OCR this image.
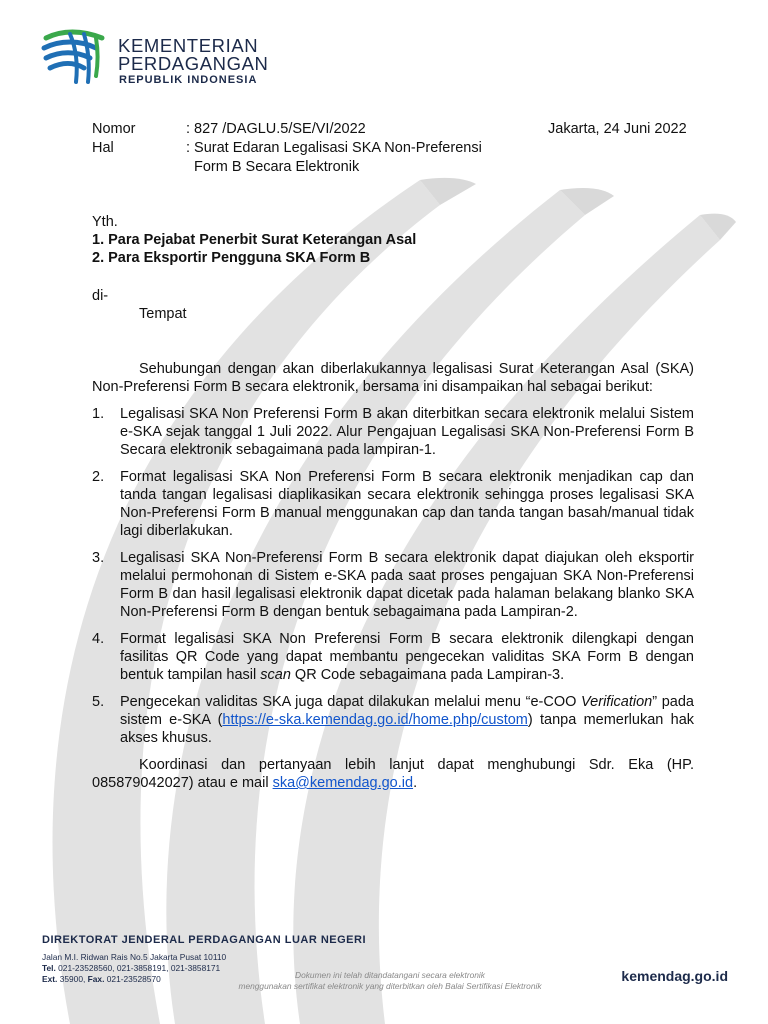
KEMENTERIAN
PERDAGANGAN
REPUBLIK INDONESIA
Nomor	: 827 /DAGLU.5/SE/VI/2022	Jakarta, 24 Juni 2022
Hal	: Surat Edaran Legalisasi SKA Non-Preferensi
Form B Secara Elektronik
Yth.
1. Para Pejabat Penerbit Surat Keterangan Asal
2. Para Eksportir Pengguna SKA Form B
di-
Tempat
Sehubungan dengan akan diberlakukannya legalisasi Surat Keterangan Asal (SKA) Non-Preferensi Form B secara elektronik, bersama ini disampaikan hal sebagai berikut:
1. Legalisasi SKA Non Preferensi Form B akan diterbitkan secara elektronik melalui Sistem e-SKA sejak tanggal 1 Juli 2022. Alur Pengajuan Legalisasi SKA Non-Preferensi Form B Secara elektronik sebagaimana pada lampiran-1.
2. Format legalisasi SKA Non Preferensi Form B secara elektronik menjadikan cap dan tanda tangan legalisasi diaplikasikan secara elektronik sehingga proses legalisasi SKA Non-Preferensi Form B manual menggunakan cap dan tanda tangan basah/manual tidak lagi diberlakukan.
3. Legalisasi SKA Non-Preferensi Form B secara elektronik dapat diajukan oleh eksportir melalui permohonan di Sistem e-SKA pada saat proses pengajuan SKA Non-Preferensi Form B dan hasil legalisasi elektronik dapat dicetak pada halaman belakang blanko SKA Non-Preferensi Form B dengan bentuk sebagaimana pada Lampiran-2.
4. Format legalisasi SKA Non Preferensi Form B secara elektronik dilengkapi dengan fasilitas QR Code yang dapat membantu pengecekan validitas SKA Form B dengan bentuk tampilan hasil scan QR Code sebagaimana pada Lampiran-3.
5. Pengecekan validitas SKA juga dapat dilakukan melalui menu “e-COO Verification” pada sistem e-SKA (https://e-ska.kemendag.go.id/home.php/custom) tanpa memerlukan hak akses khusus.
Koordinasi dan pertanyaan lebih lanjut dapat menghubungi Sdr. Eka (HP. 085879042027) atau e mail ska@kemendag.go.id.
DIREKTORAT JENDERAL PERDAGANGAN LUAR NEGERI
Jalan M.I. Ridwan Rais No.5 Jakarta Pusat 10110
Tel. 021-23528560, 021-3858191, 021-3858171
Ext. 35900, Fax. 021-23528570	Dokumen ini telah ditandatangani secara elektronik
menggunakan sertifikat elektronik yang diterbitkan oleh Balai Sertifikasi Elektronik
kemendag.go.id
